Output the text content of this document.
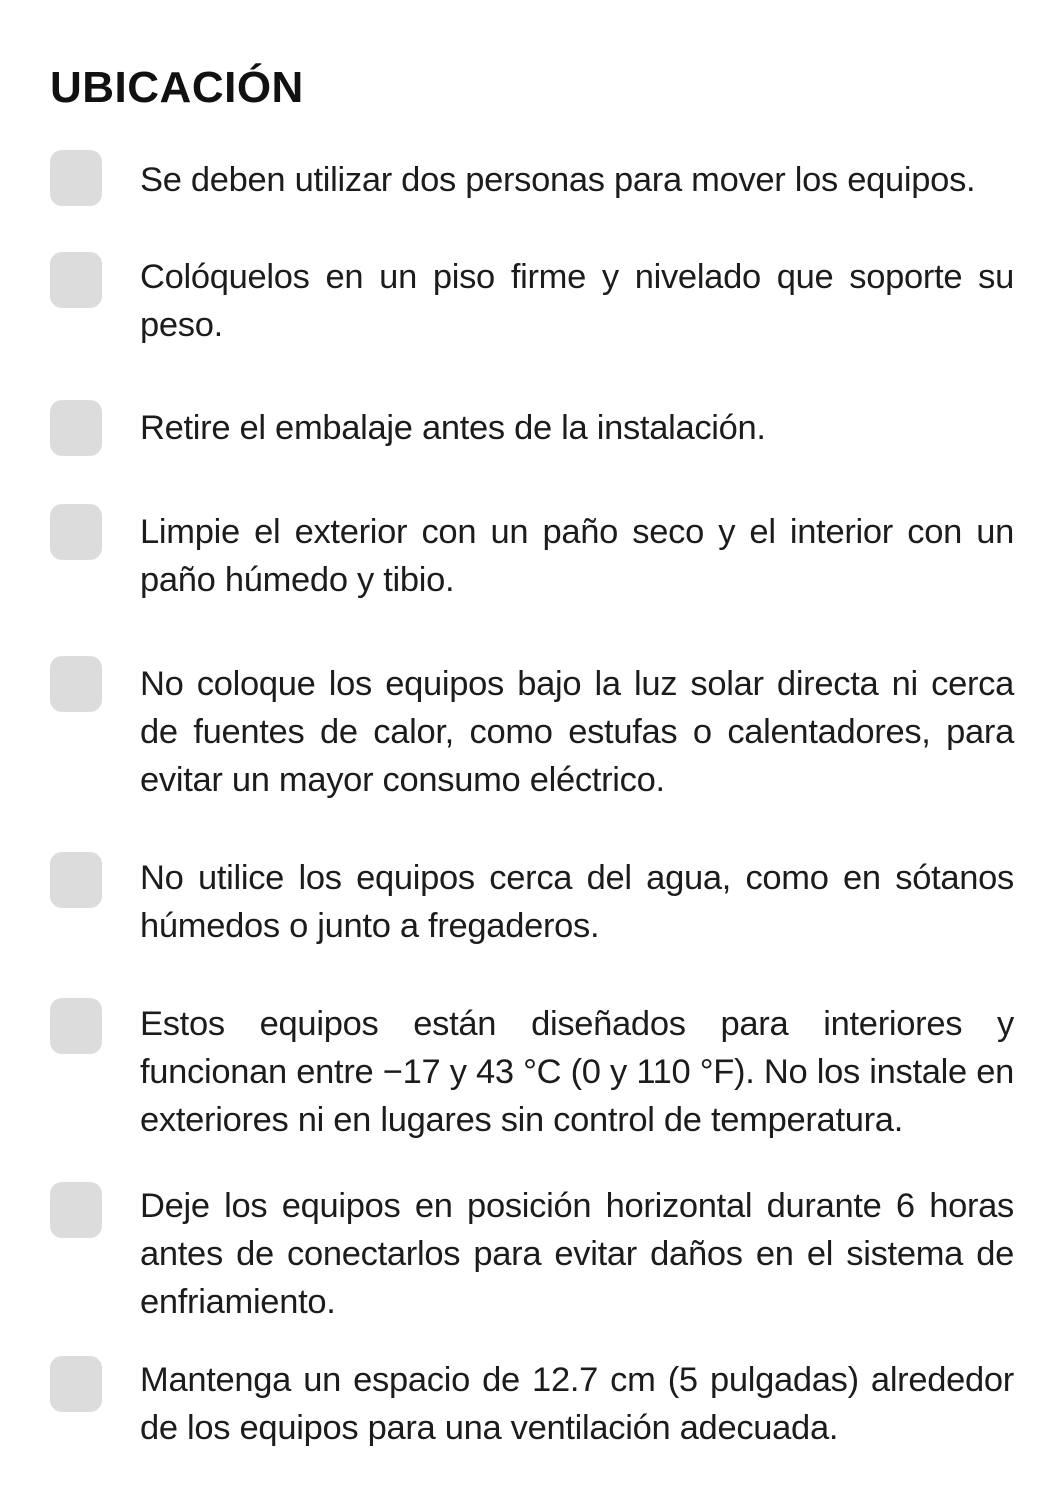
UBICACIÓN

Se deben utilizar dos personas para mover los equipos.

Colóquelos en un piso firme y nivelado que soporte su peso.

Retire el embalaje antes de la instalación.

Limpie el exterior con un paño seco y el interior con un paño húmedo y tibio.

No coloque los equipos bajo la luz solar directa ni cerca de fuentes de calor, como estufas o calentadores, para evitar un mayor consumo eléctrico.

No utilice los equipos cerca del agua, como en sótanos húmedos o junto a fregaderos.

Estos equipos están diseñados para interiores y funcionan entre −17 y 43 °C (0 y 110 °F). No los instale en exteriores ni en lugares sin control de temperatura.

Deje los equipos en posición horizontal durante 6 horas antes de conectarlos para evitar daños en el sistema de enfriamiento.

Mantenga un espacio de 12.7 cm (5 pulgadas) alrededor de los equipos para una ventilación adecuada.
